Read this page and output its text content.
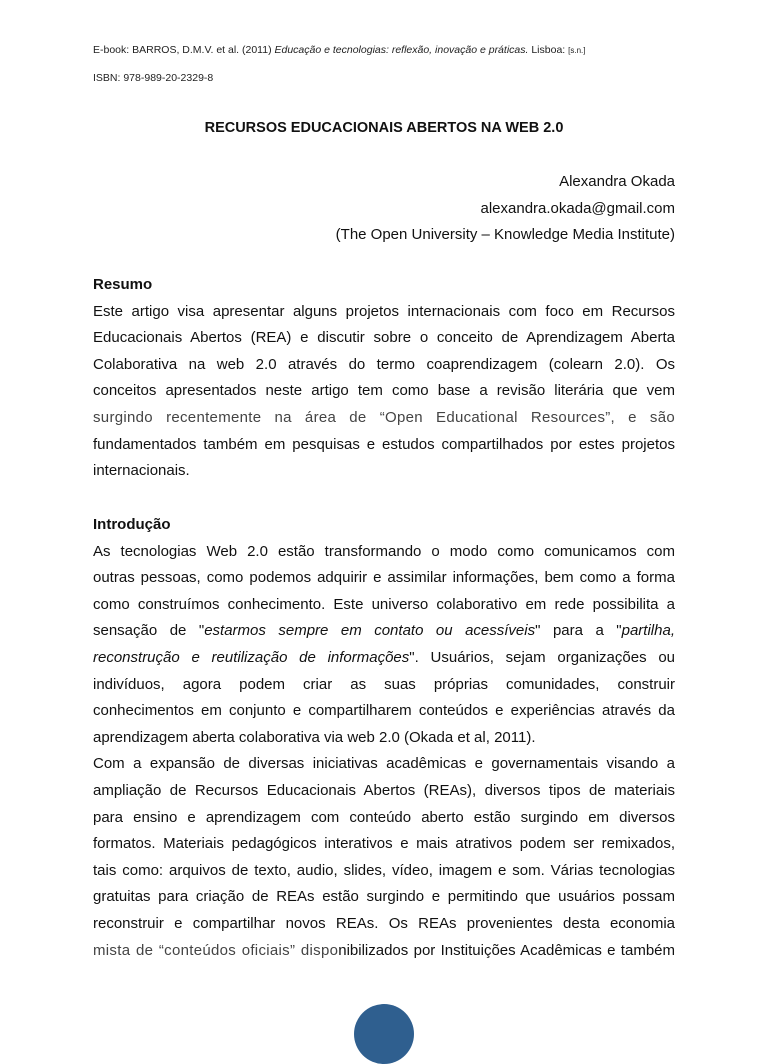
E-book: BARROS, D.M.V. et al. (2011) Educação e tecnologias: reflexão, inovação e práticas. Lisboa: [s.n.]
ISBN: 978-989-20-2329-8
RECURSOS EDUCACIONAIS ABERTOS NA WEB 2.0
Alexandra Okada
alexandra.okada@gmail.com
(The Open University – Knowledge Media Institute)
Resumo
Este artigo visa apresentar alguns projetos internacionais com foco em Recursos
Educacionais Abertos (REA) e discutir sobre o conceito de Aprendizagem Aberta
Colaborativa na web 2.0 através do termo coaprendizagem (colearn 2.0). Os
conceitos apresentados neste artigo tem como base a revisão literária que vem
surgindo recentemente na área de “Open Educational Resources”, e são
fundamentados também em pesquisas e estudos compartilhados por estes projetos
internacionais.
Introdução
As tecnologias Web 2.0 estão transformando o modo como comunicamos com
outras pessoas, como podemos adquirir e assimilar informações, bem como a forma
como construímos conhecimento. Este universo colaborativo em rede possibilita a
sensação de "estarmos sempre em contato ou acessíveis" para a "partilha,
reconstrução e reutilização de informações". Usuários, sejam organizações ou
indivíduos, agora podem criar as suas próprias comunidades, construir
conhecimentos em conjunto e compartilharem conteúdos e experiências através da
aprendizagem aberta colaborativa via web 2.0 (Okada et al, 2011).
Com a expansão de diversas iniciativas acadêmicas e governamentais visando a
ampliação de Recursos Educacionais Abertos (REAs), diversos tipos de materiais
para ensino e aprendizagem com conteúdo aberto estão surgindo em diversos
formatos. Materiais pedagógicos interativos e mais atrativos podem ser remixados,
tais como: arquivos de texto, audio, slides, vídeo, imagem e som. Várias tecnologias
gratuitas para criação de REAs estão surgindo e permitindo que usuários possam
reconstruir e compartilhar novos REAs. Os REAs provenientes desta economia
mista de “conteúdos oficiais” disponibilizados por Instituições Acadêmicas e também
